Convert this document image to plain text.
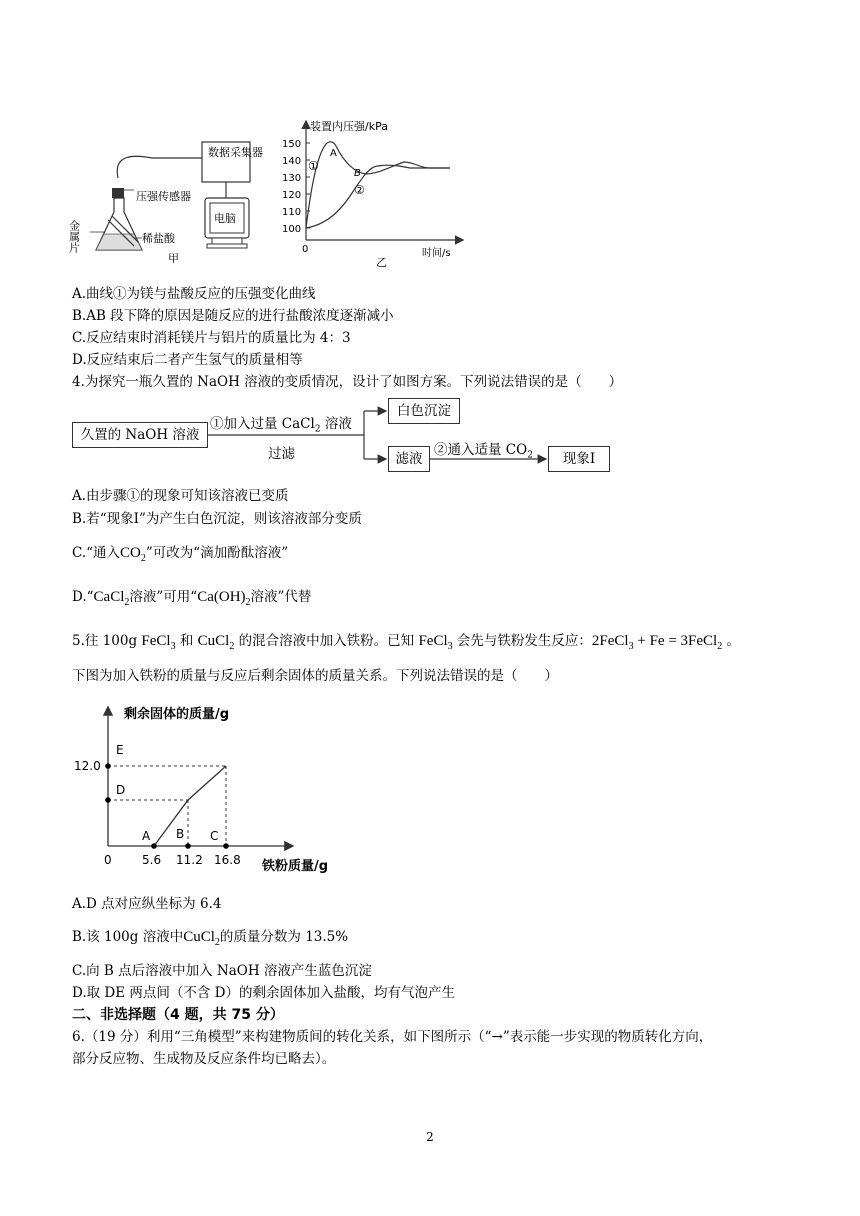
数据采集器
压强传感器
电脑
金属片	稀盐酸
甲
装置内压强/kPa
时间/s
0
乙
100
110
120
130
140
150
①
A
B
②
A.曲线①为镁与盐酸反应的压强变化曲线
B.AB 段下降的原因是随反应的进行盐酸浓度逐渐减小
C.反应结束时消耗镁片与铝片的质量比为 4：3
D.反应结束后二者产生氢气的质量相等
4.为探究一瓶久置的 NaOH 溶液的变质情况，设计了如图方案。下列说法错误的是（　　）
久置的 NaOH 溶液
①加入过量 CaCl$_2$ 溶液
过滤
白色沉淀
滤液
②通入适量 $CO_2$	现象Ⅰ
A.由步骤①的现象可知该溶液已变质
B.若“现象Ⅰ”为产生白色沉淀，则该溶液部分变质
C.“通入$CO_2$”可改为“滴加酚酞溶液”
D.“CaCl$_2$溶液”可用“$Ca(OH)_2$溶液”代替
5.往 100g FeCl$_3$ 和 CuCl$_2$ 的混合溶液中加入铁粉。已知 FeCl$_3$ 会先与铁粉发生反应：2FeCl$_3$ + Fe = 3FeCl$_2$ 。
下图为加入铁粉的质量与反应后剩余固体的质量关系。下列说法错误的是（　　）
剩余固体的质量/g
铁粉质量/g
E
D
12.0
A B C
0	5.6 11.2 16.8
A.D 点对应纵坐标为 6.4
B.该 100g 溶液中CuCl$_2$的质量分数为 13.5%
C.向 B 点后溶液中加入 NaOH 溶液产生蓝色沉淀
D.取 DE 两点间（不含 D）的剩余固体加入盐酸，均有气泡产生
二、非选择题（4 题，共 75 分）
6.（19 分）利用“三角模型”来构建物质间的转化关系，如下图所示（“→”表示能一步实现的物质转化方向，
部分反应物、生成物及反应条件均已略去）。
2
